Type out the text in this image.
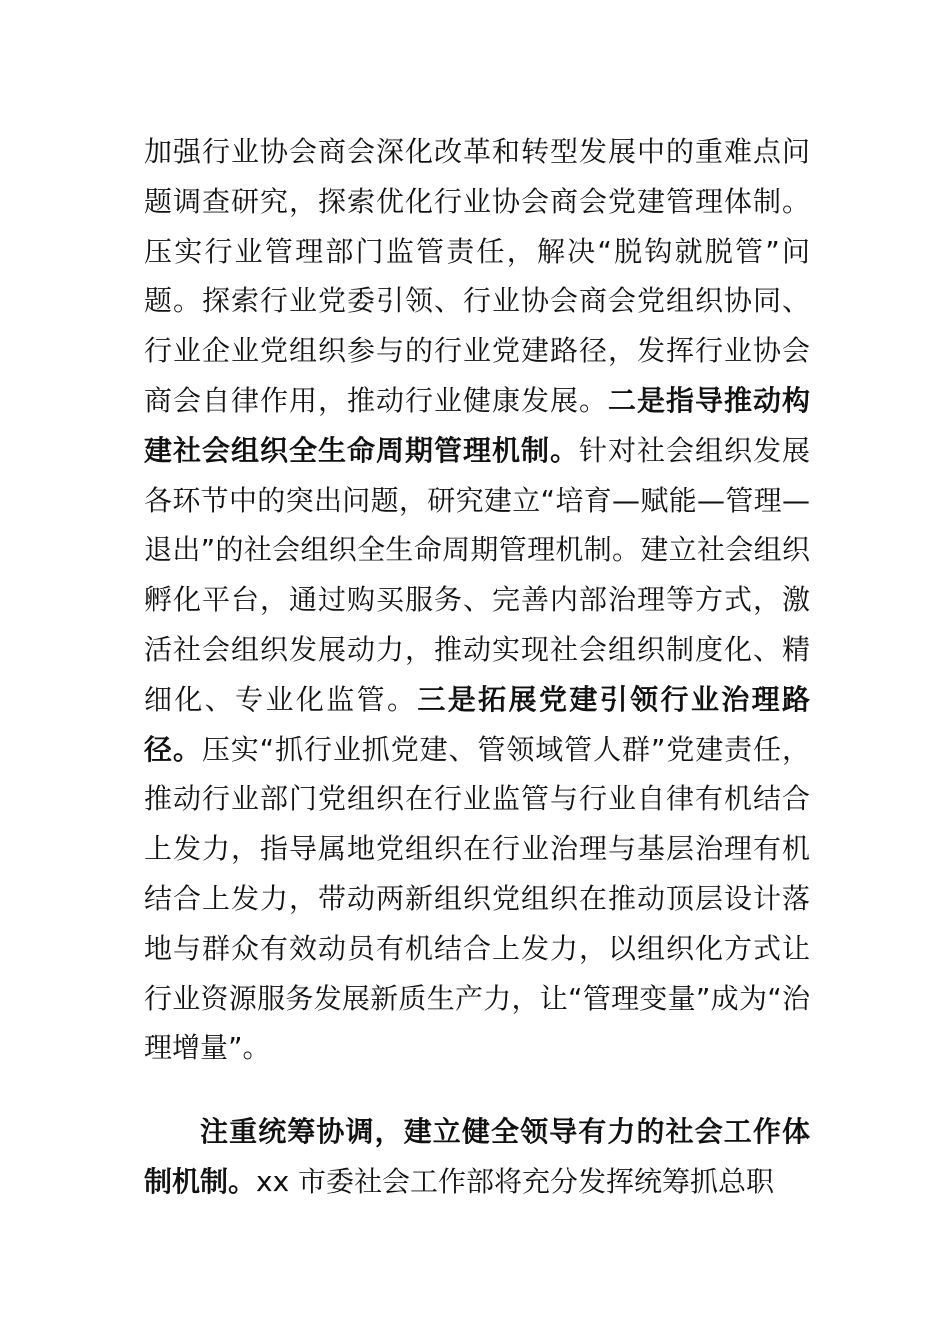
加强行业协会商会深化改革和转型发展中的重难点问题调查研究，探索优化行业协会商会党建管理体制。压实行业管理部门监管责任，解决“脱钩就脱管”问题。探索行业党委引领、行业协会商会党组织协同、行业企业党组织参与的行业党建路径，发挥行业协会商会自律作用，推动行业健康发展。二是指导推动构建社会组织全生命周期管理机制。针对社会组织发展各环节中的突出问题，研究建立“培育—赋能—管理—退出”的社会组织全生命周期管理机制。建立社会组织孵化平台，通过购买服务、完善内部治理等方式，激活社会组织发展动力，推动实现社会组织制度化、精细化、专业化监管。三是拓展党建引领行业治理路径。压实“抓行业抓党建、管领域管人群”党建责任，推动行业部门党组织在行业监管与行业自律有机结合上发力，指导属地党组织在行业治理与基层治理有机结合上发力，带动两新组织党组织在推动顶层设计落地与群众有效动员有机结合上发力，以组织化方式让行业资源服务发展新质生产力，让“管理变量”成为“治理增量”。

注重统筹协调，建立健全领导有力的社会工作体制机制。xx 市委社会工作部将充分发挥统筹抓总职
